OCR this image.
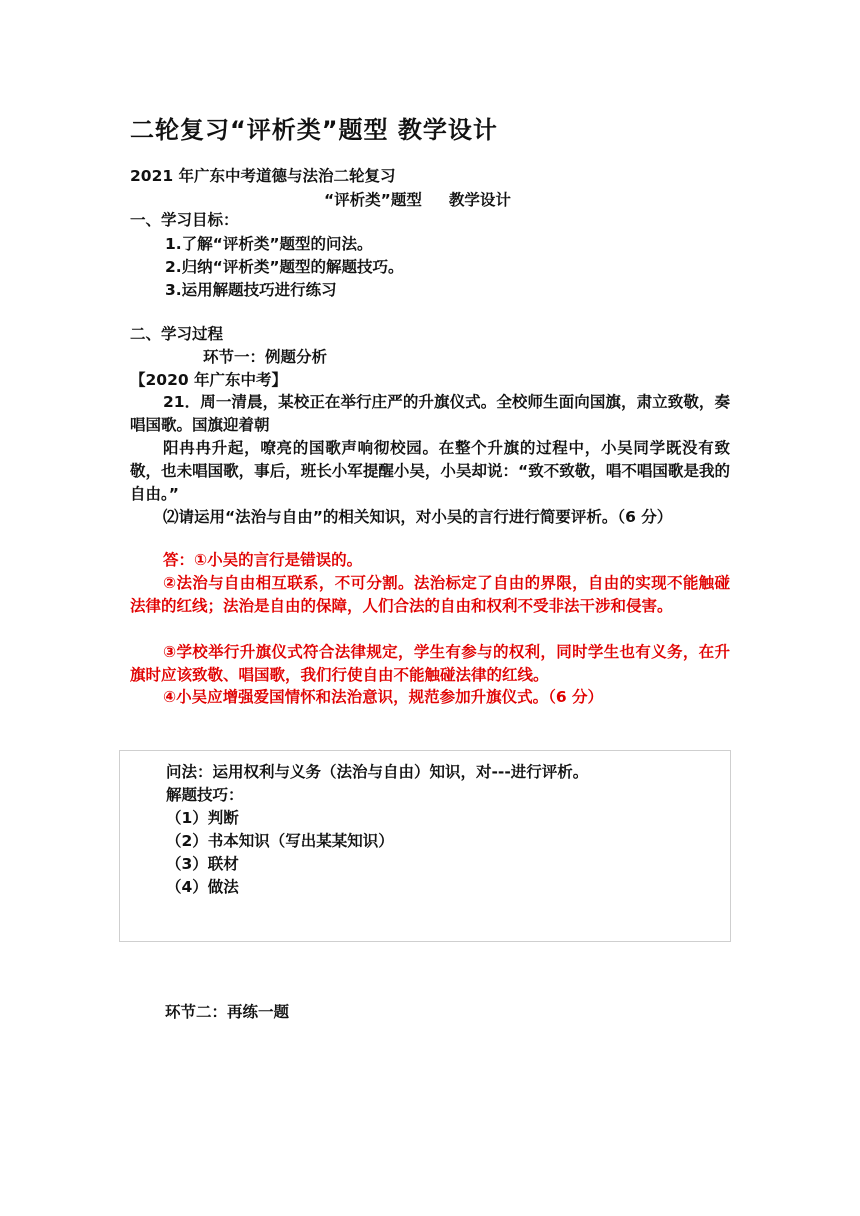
二轮复习“评析类”题型 教学设计
2021 年广东中考道德与法治二轮复习
“评析类”题型     教学设计
一、学习目标：
1.了解“评析类”题型的问法。
2.归纳“评析类”题型的解题技巧。
3.运用解题技巧进行练习
二、学习过程
环节一：例题分析
【2020 年广东中考】
21．周一清晨，某校正在举行庄严的升旗仪式。全校师生面向国旗，肃立致敬，奏唱国歌。国旗迎着朝
阳冉冉升起，嘹亮的国歌声响彻校园。在整个升旗的过程中，小吴同学既没有致敬，也未唱国歌，事后，班长小军提醒小吴，小吴却说：“致不致敬，唱不唱国歌是我的自由。”
⑵请运用“法治与自由”的相关知识，对小吴的言行进行简要评析。（6 分）
答：①小吴的言行是错误的。
②法治与自由相互联系，不可分割。法治标定了自由的界限，自由的实现不能触碰法律的红线；法治是自由的保障，人们合法的自由和权利不受非法干涉和侵害。
③学校举行升旗仪式符合法律规定，学生有参与的权利，同时学生也有义务，在升旗时应该致敬、唱国歌，我们行使自由不能触碰法律的红线。
④小吴应增强爱国情怀和法治意识，规范参加升旗仪式。（6 分）
问法：运用权利与义务（法治与自由）知识，对---进行评析。
解题技巧：
（1）判断
（2）书本知识（写出某某知识）
（3）联材
（4）做法
环节二：再练一题
